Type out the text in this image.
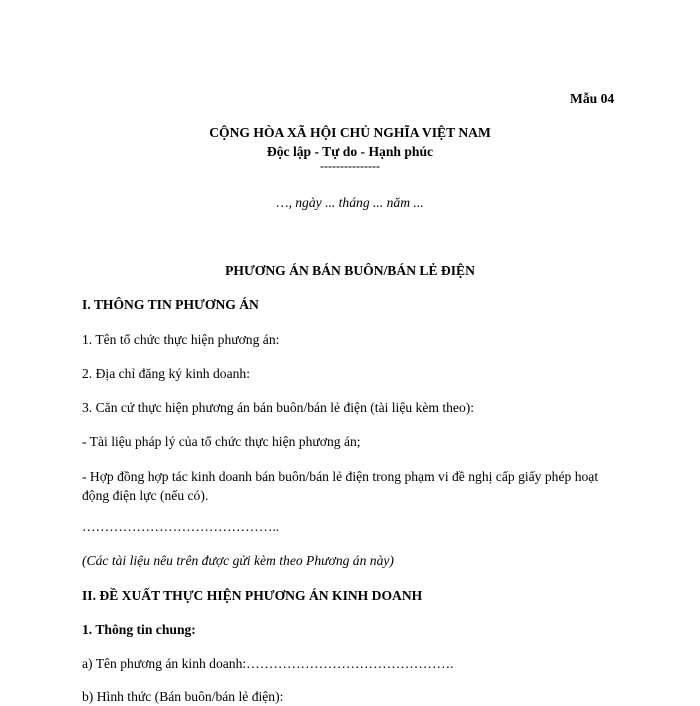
Mẫu 04
CỘNG HÒA XÃ HỘI CHỦ NGHĨA VIỆT NAM
Độc lập - Tự do - Hạnh phúc
---------------
…, ngày ... tháng ... năm ...
PHƯƠNG ÁN BÁN BUÔN/BÁN LẺ ĐIỆN
I. THÔNG TIN PHƯƠNG ÁN
1. Tên tổ chức thực hiện phương án:
2. Địa chỉ đăng ký kinh doanh:
3. Căn cứ thực hiện phương án bán buôn/bán lẻ điện (tài liệu kèm theo):
- Tài liệu pháp lý của tổ chức thực hiện phương án;
- Hợp đồng hợp tác kinh doanh bán buôn/bán lẻ điện trong phạm vi đề nghị cấp giấy phép hoạt động điện lực (nếu có).
……………………………………..
(Các tài liệu nêu trên được gửi kèm theo Phương án này)
II. ĐỀ XUẤT THỰC HIỆN PHƯƠNG ÁN KINH DOANH
1. Thông tin chung:
a) Tên phương án kinh doanh:……………………………………….
b) Hình thức (Bán buôn/bán lẻ điện):
